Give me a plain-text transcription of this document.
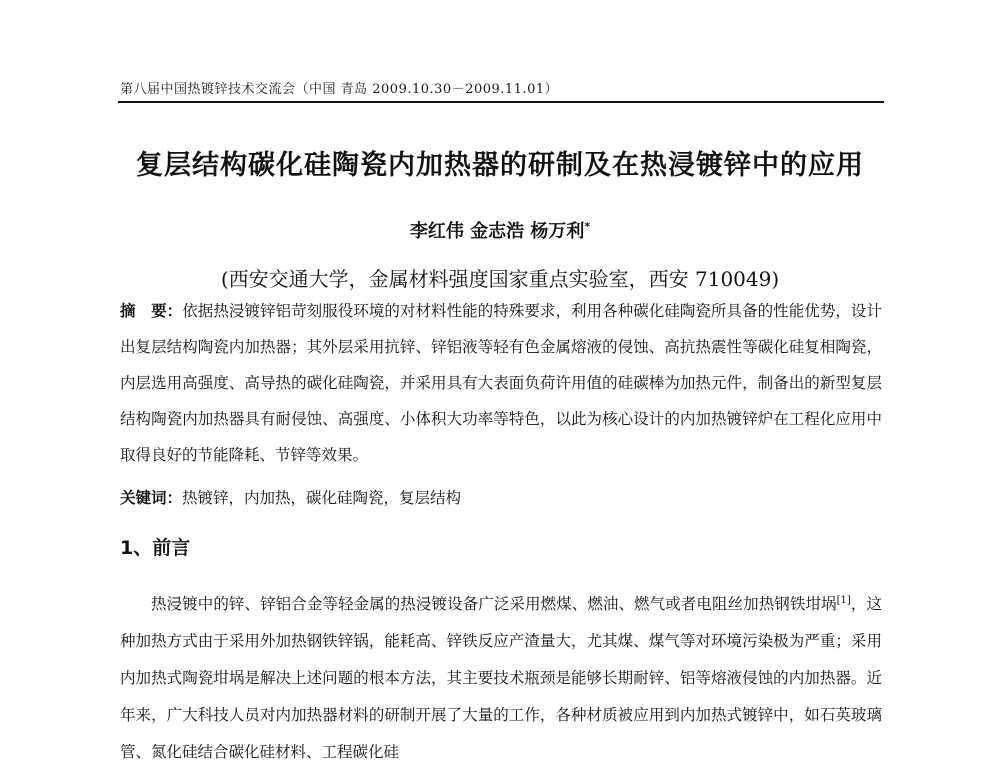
第八届中国热镀锌技术交流会（中国 青岛 2009.10.30－2009.11.01）
复层结构碳化硅陶瓷内加热器的研制及在热浸镀锌中的应用
李红伟 金志浩 杨万利*
(西安交通大学，金属材料强度国家重点实验室，西安 710049)

摘　要：依据热浸镀锌铝苛刻服役环境的对材料性能的特殊要求，利用各种碳化硅陶瓷所具备的性能优势，设计出复层结构陶瓷内加热器；其外层采用抗锌、锌铝液等轻有色金属熔液的侵蚀、高抗热震性等碳化硅复相陶瓷，内层选用高强度、高导热的碳化硅陶瓷，并采用具有大表面负荷许用值的硅碳棒为加热元件，制备出的新型复层结构陶瓷内加热器具有耐侵蚀、高强度、小体积大功率等特色，以此为核心设计的内加热镀锌炉在工程化应用中取得良好的节能降耗、节锌等效果。

关键词：热镀锌，内加热，碳化硅陶瓷，复层结构

1、前言

热浸镀中的锌、锌铝合金等轻金属的热浸镀设备广泛采用燃煤、燃油、燃气或者电阻丝加热钢铁坩埚[1]，这种加热方式由于采用外加热钢铁锌锅，能耗高、锌铁反应产渣量大，尤其煤、煤气等对环境污染极为严重；采用内加热式陶瓷坩埚是解决上述问题的根本方法，其主要技术瓶颈是能够长期耐锌、铝等熔液侵蚀的内加热器。近年来，广大科技人员对内加热器材料的研制开展了大量的工作，各种材质被应用到内加热式镀锌中，如石英玻璃管、氮化硅结合碳化硅材料、工程碳化硅
